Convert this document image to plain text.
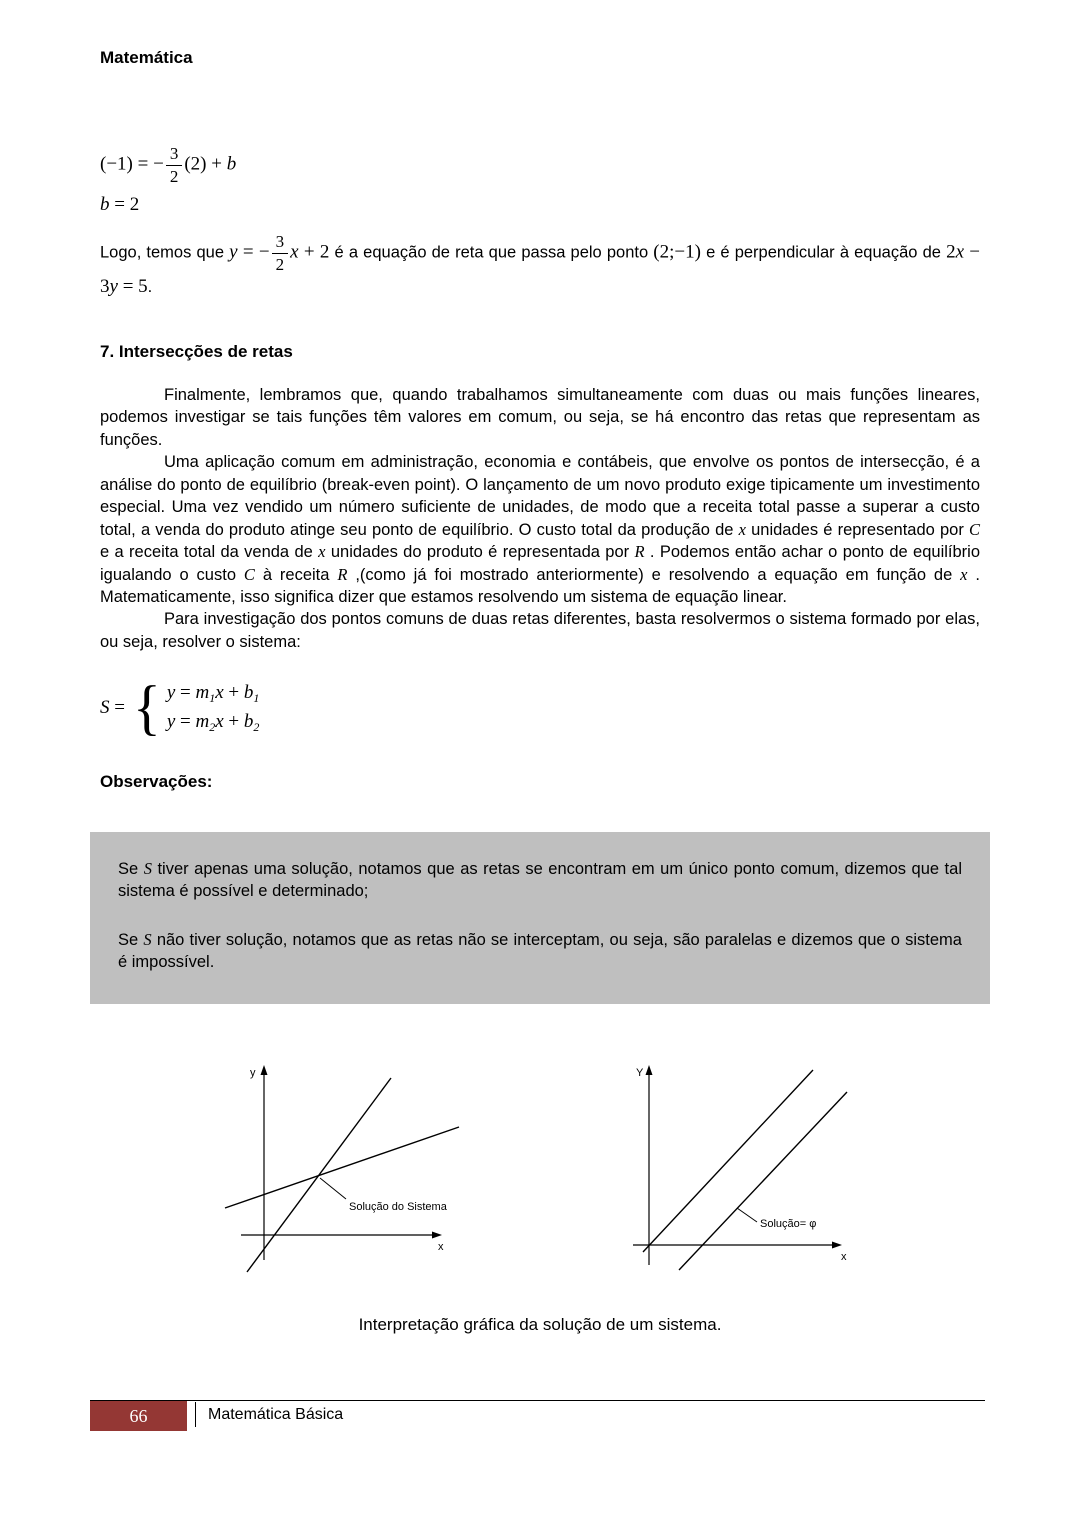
Matemática
(−1) = − $\frac{3}{2} (2) + b$
b = 2

Logo, temos que y = − $\frac{3}{2}$ x + 2 é a equação de reta que passa pelo ponto (2;−1) e é perpendicular à equação de 2x − 3y = 5.

7. Intersecções de retas

Finalmente, lembramos que, quando trabalhamos simultaneamente com duas ou mais funções lineares, podemos investigar se tais funções têm valores em comum, ou seja, se há encontro das retas que representam as funções.

Uma aplicação comum em administração, economia e contábeis, que envolve os pontos de intersecção, é a análise do ponto de equilíbrio (break-even point). O lançamento de um novo produto exige tipicamente um investimento especial. Uma vez vendido um número suficiente de unidades, de modo que a receita total passe a superar a custo total, a venda do produto atinge seu ponto de equilíbrio. O custo total da produção de x unidades é representado por C e a receita total da venda de x unidades do produto é representada por R . Podemos então achar o ponto de equilíbrio igualando o custo C à receita R ,(como já foi mostrado anteriormente) e resolvendo a equação em função de x . Matematicamente, isso significa dizer que estamos resolvendo um sistema de equação linear.

Para investigação dos pontos comuns de duas retas diferentes, basta resolvermos o sistema formado por elas, ou seja, resolver o sistema:

S = { $y = m_1x + b_1$
$y = m_2x + b_2$
Observações:

Se S tiver apenas uma solução, notamos que as retas se encontram em um único ponto comum, dizemos que tal sistema é possível e determinado;

Se S não tiver solução, notamos que as retas não se interceptam, ou seja, são paralelas e dizemos que o sistema é impossível.

y
x
Solução do Sistema
Y
x
Solução= φ
Interpretação gráfica da solução de um sistema.
66	Matemática Básica
